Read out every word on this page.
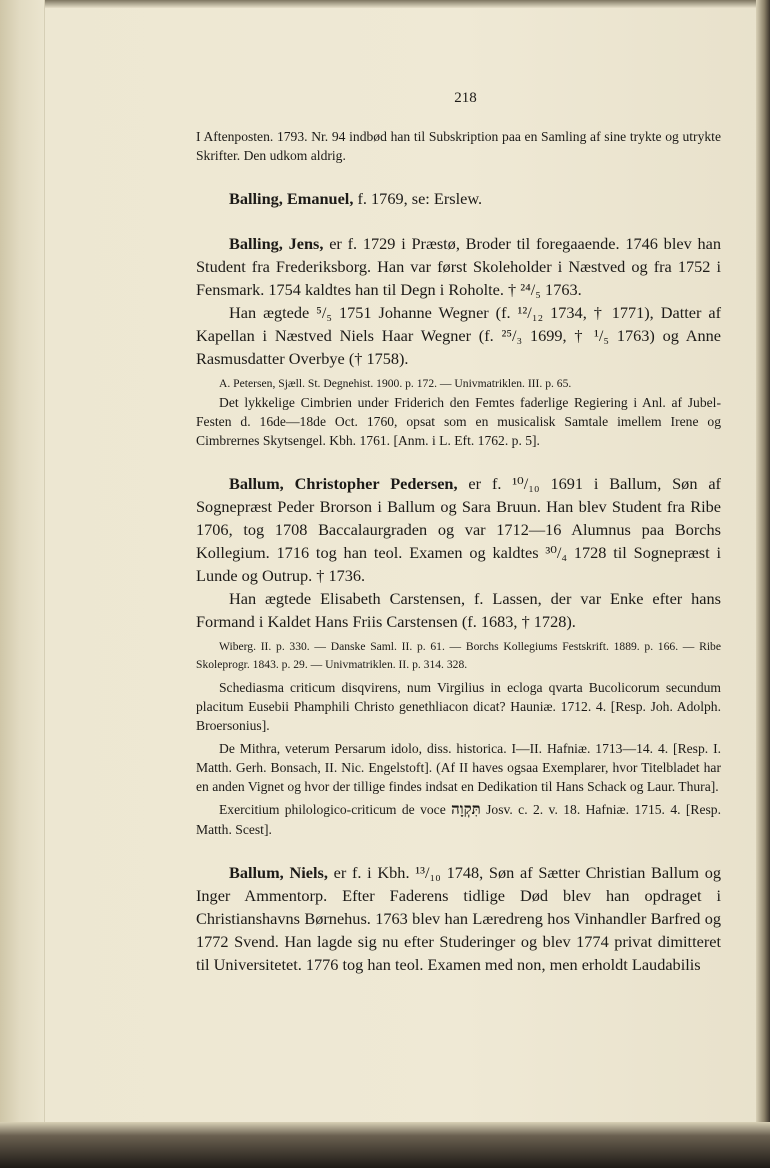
218

I Aftenposten. 1793. Nr. 94 indbød han til Subskription paa en Samling af sine trykte og utrykte Skrifter. Den udkom aldrig.

Balling, Emanuel, f. 1769, se: Erslew.

Balling, Jens, er f. 1729 i Præstø, Broder til foregaaende. 1746 blev han Student fra Frederiksborg. Han var først Skoleholder i Næstved og fra 1752 i Fensmark. 1754 kaldtes han til Degn i Roholte. † ²⁴/₅ 1763.

Han ægtede ⁵/₅ 1751 Johanne Wegner (f. ¹²/₁₂ 1734, † 1771), Datter af Kapellan i Næstved Niels Haar Wegner (f. ²⁵/₃ 1699, † ¹/₅ 1763) og Anne Rasmusdatter Overbye († 1758).

A. Petersen, Sjæll. St. Degnehist. 1900. p. 172. — Univmatriklen. III. p. 65.

Det lykkelige Cimbrien under Friderich den Femtes faderlige Regiering i Anl. af Jubel-Festen d. 16de—18de Oct. 1760, opsat som en musicalisk Samtale imellem Irene og Cimbrernes Skytsengel. Kbh. 1761. [Anm. i L. Eft. 1762. p. 5].

Ballum, Christopher Pedersen, er f. ¹⁰/₁₀ 1691 i Ballum, Søn af Sognepræst Peder Brorson i Ballum og Sara Bruun. Han blev Student fra Ribe 1706, tog 1708 Baccalaurgraden og var 1712—16 Alumnus paa Borchs Kollegium. 1716 tog han teol. Examen og kaldtes ³⁰/₄ 1728 til Sognepræst i Lunde og Outrup. † 1736.

Han ægtede Elisabeth Carstensen, f. Lassen, der var Enke efter hans Formand i Kaldet Hans Friis Carstensen (f. 1683, † 1728).

Wiberg. II. p. 330. — Danske Saml. II. p. 61. — Borchs Kollegiums Festskrift. 1889. p. 166. — Ribe Skoleprogr. 1843. p. 29. — Univmatriklen. II. p. 314. 328.

Schediasma criticum disqvirens, num Virgilius in ecloga qvarta Bucolicorum secundum placitum Eusebii Phamphili Christo genethliacon dicat? Hauniæ. 1712. 4. [Resp. Joh. Adolph. Broersonius].

De Mithra, veterum Persarum idolo, diss. historica. I—II. Hafniæ. 1713—14. 4. [Resp. I. Matth. Gerh. Bonsach, II. Nic. Engelstoft]. (Af II haves ogsaa Exemplarer, hvor Titelbladet har en anden Vignet og hvor der tillige findes indsat en Dedikation til Hans Schack og Laur. Thura].

Exercitium philologico-criticum de voce תִּקְוָה Josv. c. 2. v. 18. Hafniæ. 1715. 4. [Resp. Matth. Scest].

Ballum, Niels, er f. i Kbh. ¹³/₁₀ 1748, Søn af Sætter Christian Ballum og Inger Ammentorp. Efter Faderens tidlige Død blev han opdraget i Christianshavns Børnehus. 1763 blev han Læredreng hos Vinhandler Barfred og 1772 Svend. Han lagde sig nu efter Studeringer og blev 1774 privat dimitteret til Universitetet. 1776 tog han teol. Examen med non, men erholdt Laudabilis
